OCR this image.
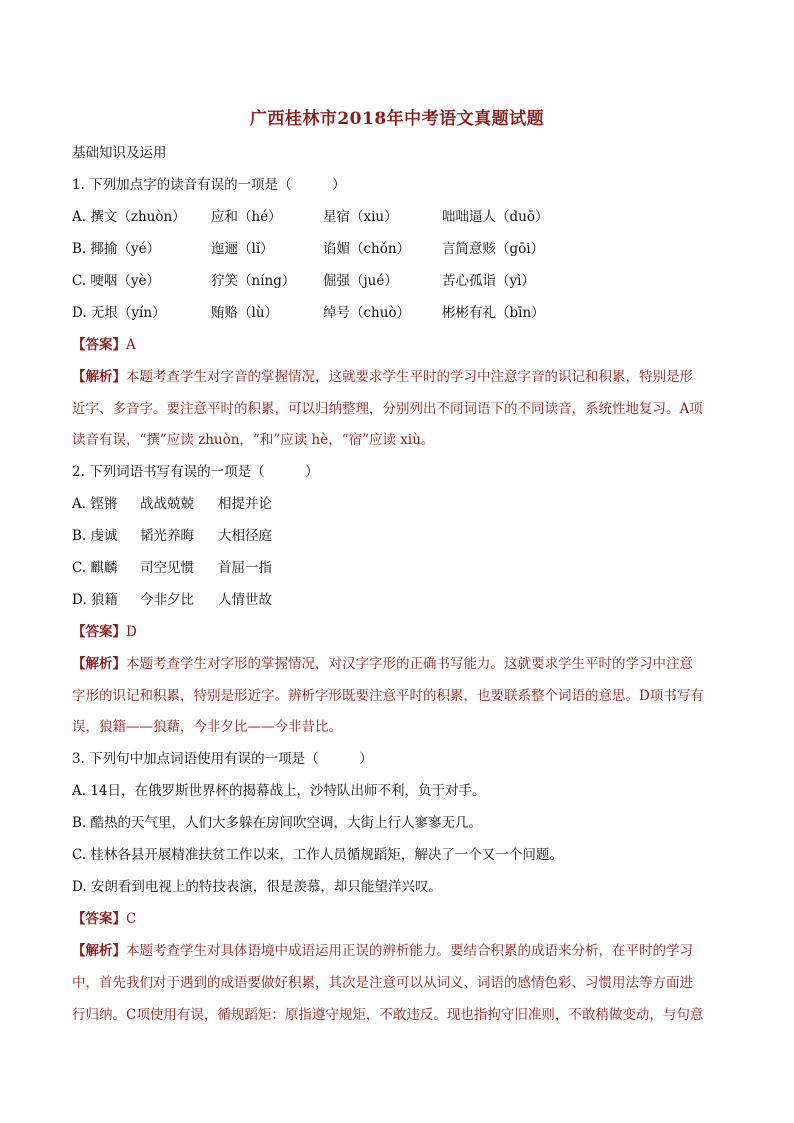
广西桂林市2018年中考语文真题试题
基础知识及运用
1. 下列加点字的读音有误的一项是（　　　）
A. 撰文（zhuòn） 应和（hé）	星宿（xiu）	咄咄逼人（duō）
B. 揶揄（yé）	迤逦（lǐ）	谄媚（chǒn） 言简意赅（gōi）
C. 哽咽（yè）	狞笑（níng） 倔强（jué）	苦心孤诣（yì）
D. 无垠（yín）	贿赂（lù）	绰号（chuò） 彬彬有礼（bīn）
【答案】A
【解析】本题考查学生对字音的掌握情况，这就要求学生平时的学习中注意字音的识记和积累，特别是形
近字、多音字。要注意平时的积累，可以归纳整理，分别列出不同词语下的不同读音，系统性地复习。A项
读音有误，“撰”应读 zhuòn，“和”应读 hè，“宿”应读 xiù。
2. 下列词语书写有误的一项是（　　　）
A. 铿锵 战战兢兢 相提并论
B. 虔诚 韬光养晦 大相径庭
C. 麒麟 司空见惯 首屈一指
D. 狼籍 今非夕比 人情世故
【答案】D
【解析】本题考查学生对字形的掌握情况，对汉字字形的正确书写能力。这就要求学生平时的学习中注意
字形的识记和积累，特别是形近字。辨析字形既要注意平时的积累，也要联系整个词语的意思。D项书写有
误，狼籍——狼藉，今非夕比——今非昔比。
3. 下列句中加点词语使用有误的一项是（　　　）
A. 14日，在俄罗斯世界杯的揭幕战上，沙特队出师不利，负于对手。
B. 酷热的天气里，人们大多躲在房间吹空调，大街上行人寥寥无几。
C. 桂林各县开展精准扶贫工作以来，工作人员循规蹈矩，解决了一个又一个问题。
D. 安朗看到电视上的特技表演，很是羡慕，却只能望洋兴叹。
【答案】C
【解析】本题考查学生对具体语境中成语运用正误的辨析能力。要结合积累的成语来分析，在平时的学习
中，首先我们对于遇到的成语要做好积累，其次是注意可以从词义、词语的感情色彩、习惯用法等方面进
行归纳。C项使用有误，循规蹈矩：原指遵守规矩，不敢违反。现也指拘守旧准则，不敢稍做变动，与句意
